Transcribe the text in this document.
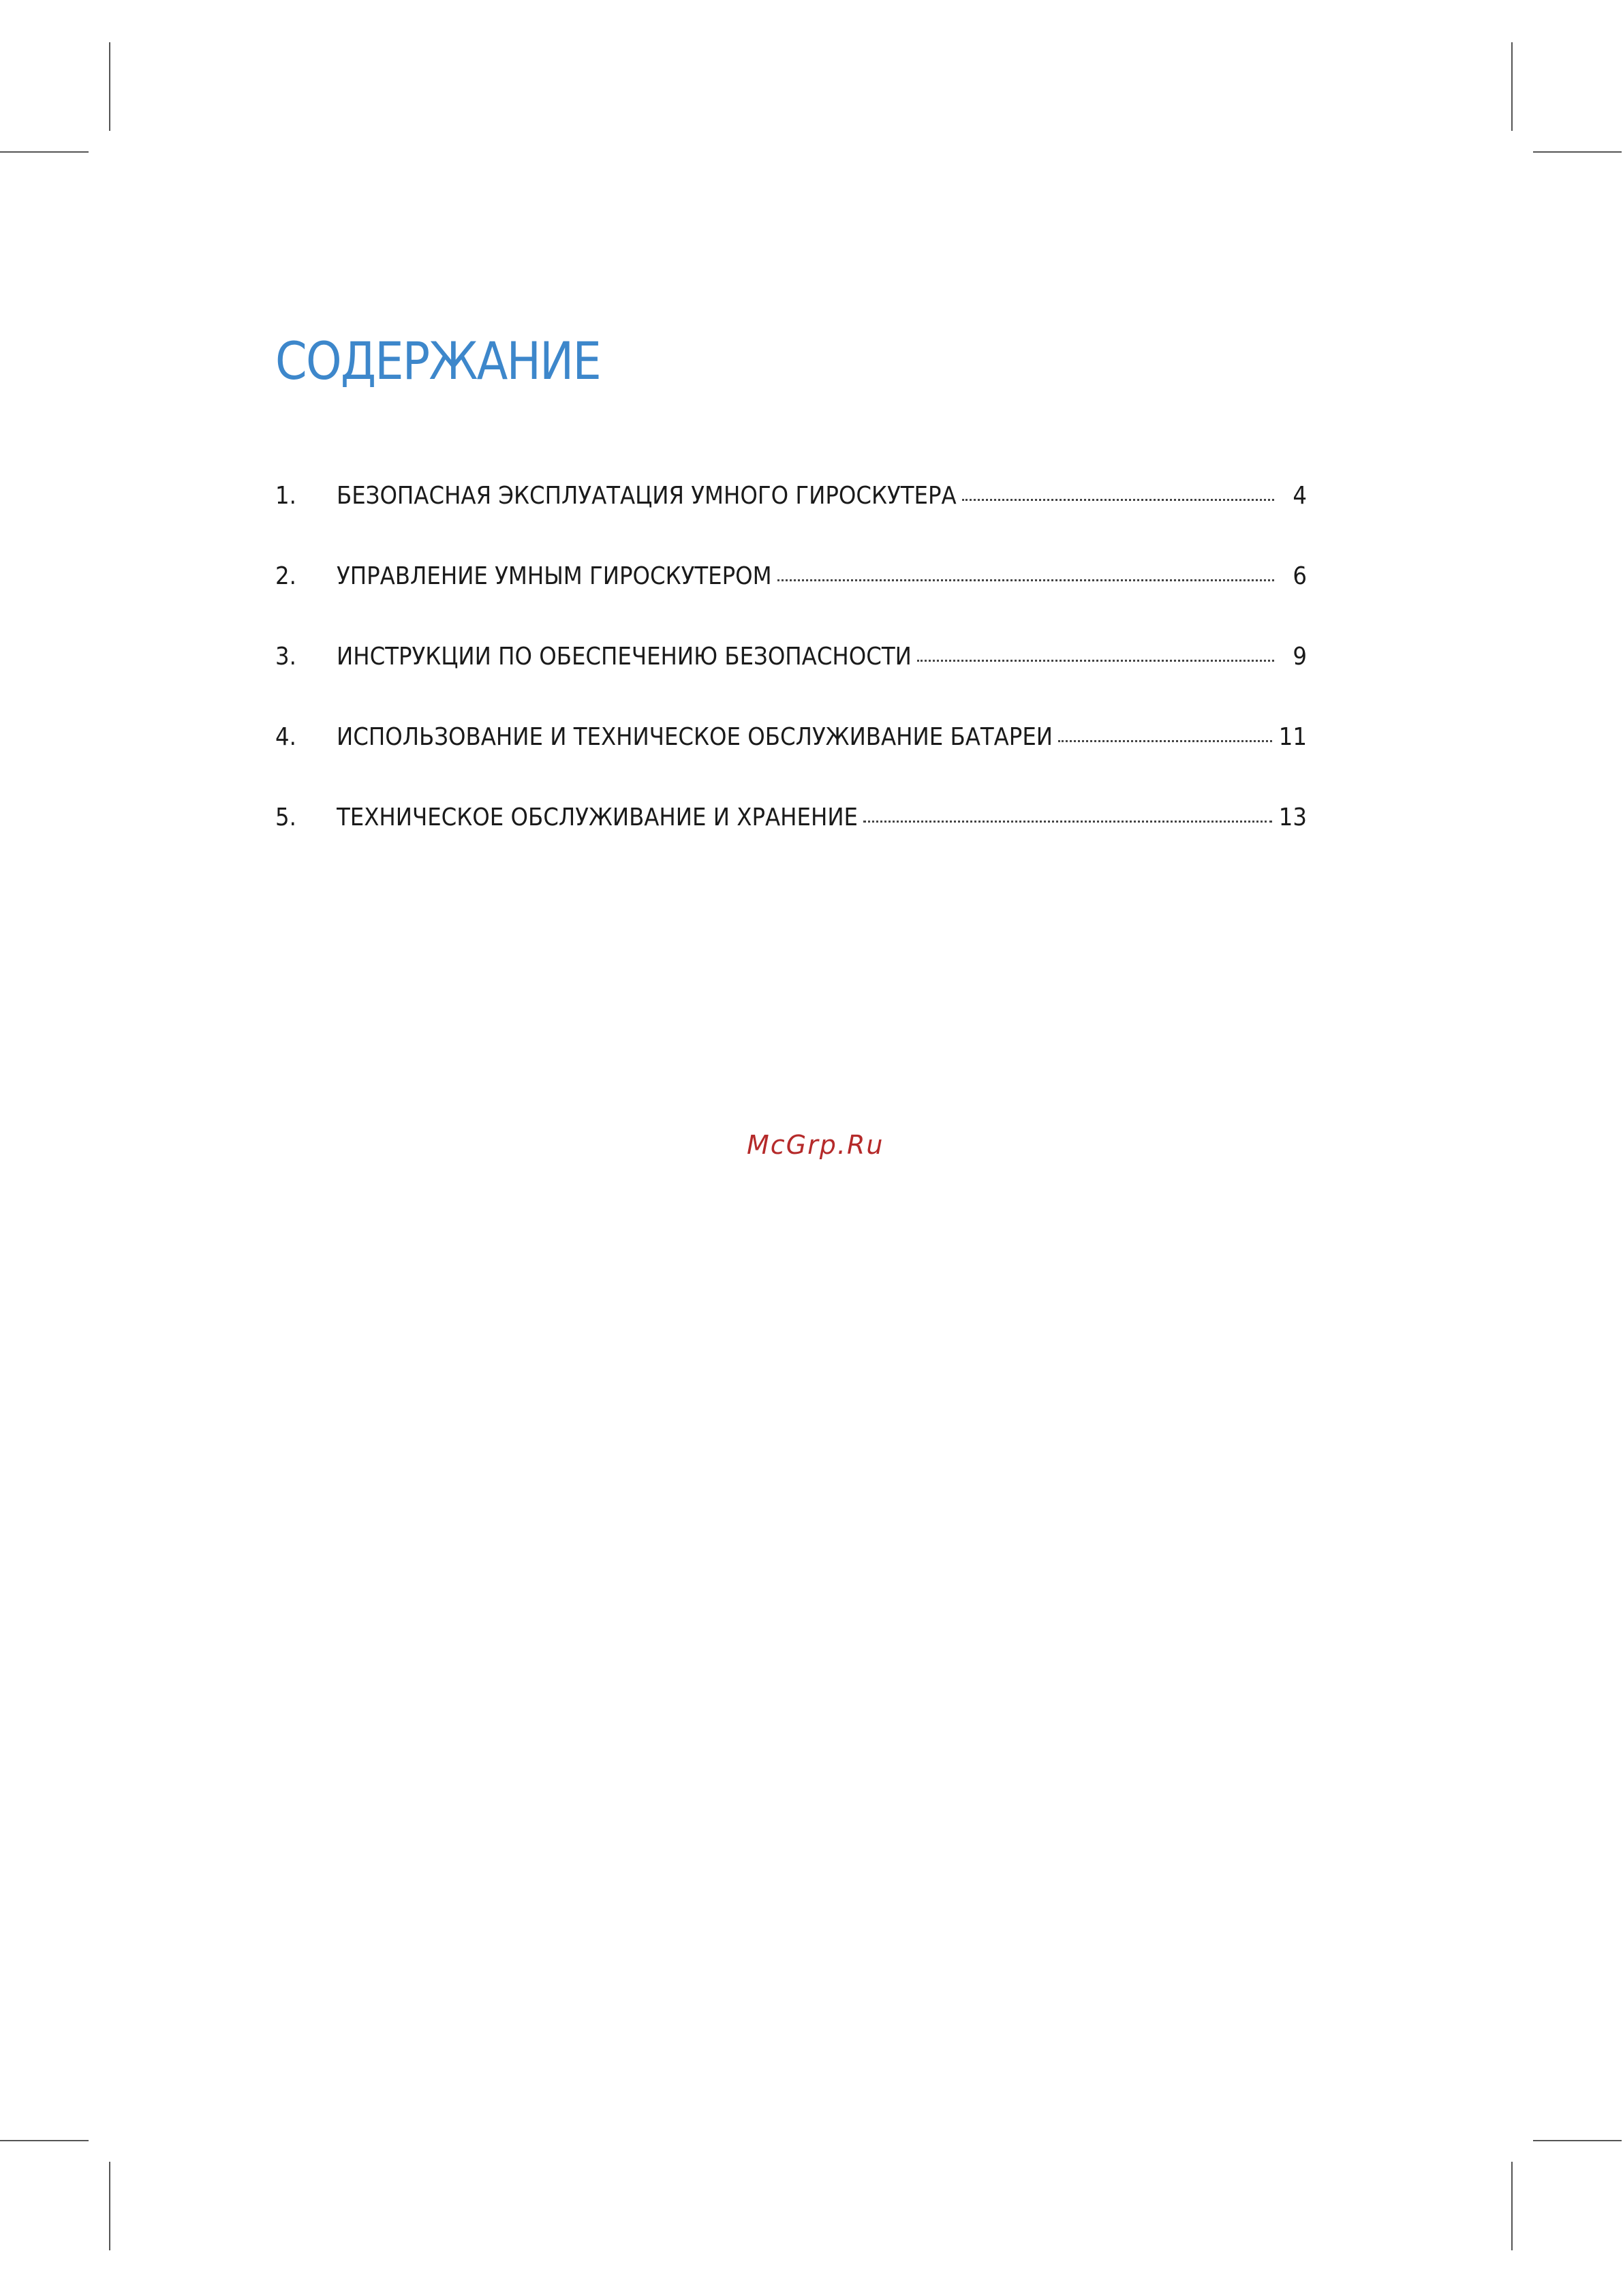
СОДЕРЖАНИЕ
1.	БЕЗОПАСНАЯ ЭКСПЛУАТАЦИЯ УМНОГО ГИРОСКУТЕРА	4
2.	УПРАВЛЕНИЕ УМНЫМ ГИРОСКУТЕРОМ	6
3.	ИНСТРУКЦИИ ПО ОБЕСПЕЧЕНИЮ БЕЗОПАСНОСТИ	9
4.	ИСПОЛЬЗОВАНИЕ И ТЕХНИЧЕСКОЕ ОБСЛУЖИВАНИЕ БАТАРЕИ	11
5.	ТЕХНИЧЕСКОЕ ОБСЛУЖИВАНИЕ И ХРАНЕНИЕ	13
McGrp.Ru
